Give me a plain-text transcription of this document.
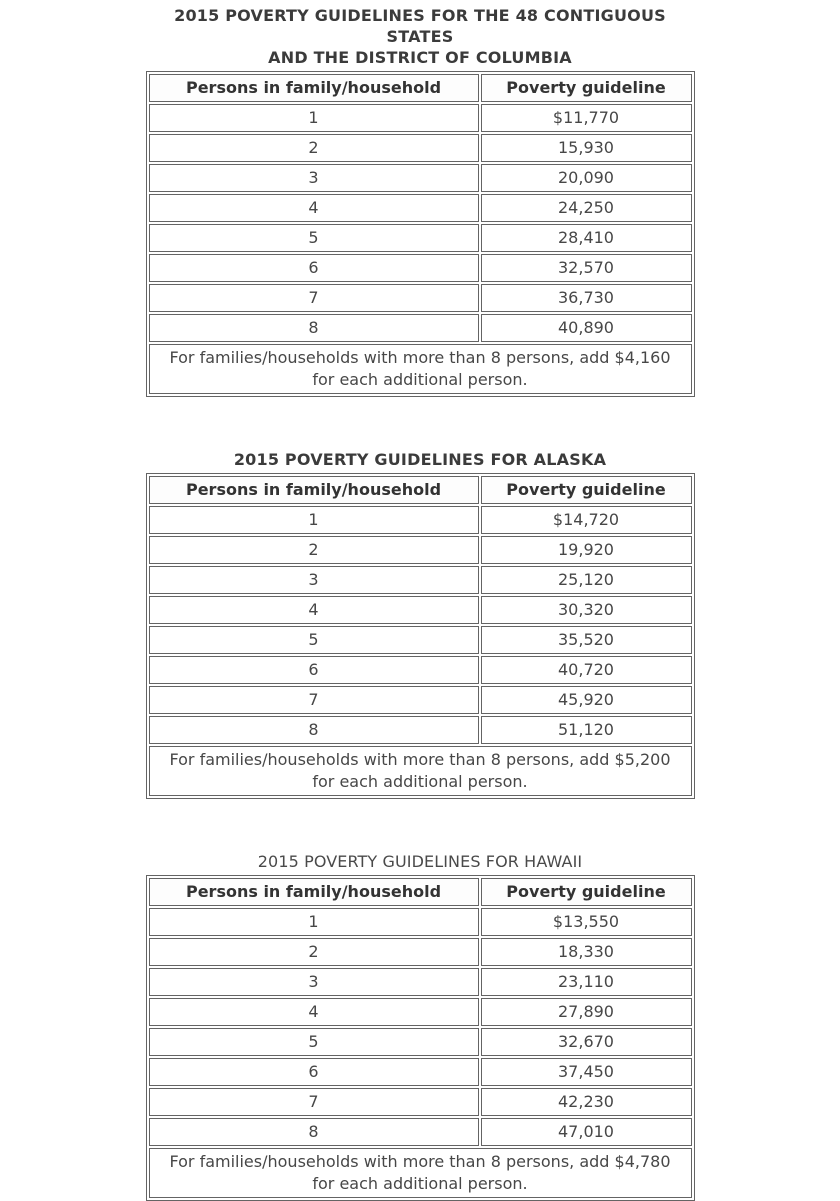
2015 POVERTY GUIDELINES FOR THE 48 CONTIGUOUS
STATES
AND THE DISTRICT OF COLUMBIA
Persons in family/household	Poverty guideline
1	$11,770
2	15,930
3	20,090
4	24,250
5	28,410
6	32,570
7	36,730
8	40,890

For families/households with more than 8 persons, add $4,160
for each additional person.	
2015 POVERTY GUIDELINES FOR ALASKA
Persons in family/household	Poverty guideline
1	$14,720
2	19,920
3	25,120
4	30,320
5	35,520
6	40,720
7	45,920
8	51,120

For families/households with more than 8 persons, add $5,200
for each additional person.	
2015 POVERTY GUIDELINES FOR HAWAII
Persons in family/household	Poverty guideline
1	$13,550
2	18,330
3	23,110
4	27,890
5	32,670
6	37,450
7	42,230
8	47,010

For families/households with more than 8 persons, add $4,780
for each additional person.	
